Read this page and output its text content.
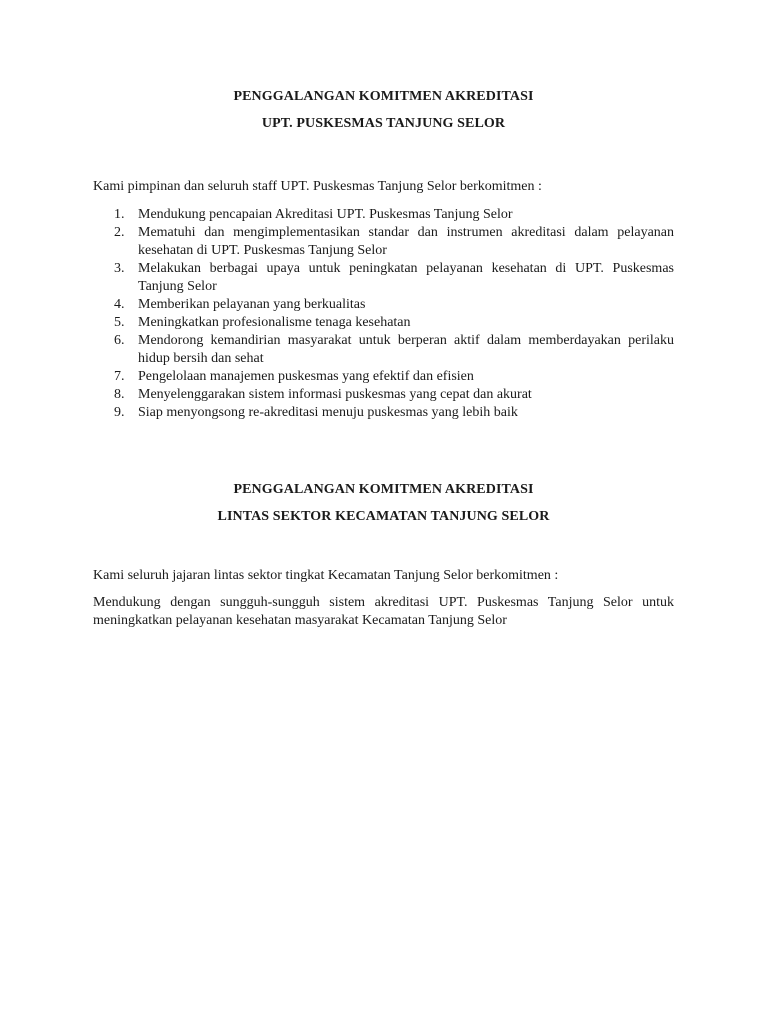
PENGGALANGAN KOMITMEN AKREDITASI

UPT. PUSKESMAS TANJUNG SELOR

Kami pimpinan dan seluruh staff UPT. Puskesmas Tanjung Selor berkomitmen :

1. Mendukung pencapaian Akreditasi UPT. Puskesmas Tanjung Selor
2. Mematuhi dan mengimplementasikan standar dan instrumen akreditasi dalam pelayanan kesehatan di UPT. Puskesmas Tanjung Selor
3. Melakukan berbagai upaya untuk peningkatan pelayanan kesehatan di UPT. Puskesmas Tanjung Selor
4. Memberikan pelayanan yang berkualitas
5. Meningkatkan profesionalisme tenaga kesehatan
6. Mendorong kemandirian masyarakat untuk berperan aktif dalam memberdayakan perilaku hidup bersih dan sehat
7. Pengelolaan manajemen puskesmas yang efektif dan efisien
8. Menyelenggarakan sistem informasi puskesmas yang cepat dan akurat
9. Siap menyongsong re-akreditasi menuju puskesmas yang lebih baik

PENGGALANGAN KOMITMEN AKREDITASI

LINTAS SEKTOR KECAMATAN TANJUNG SELOR

Kami seluruh jajaran lintas sektor tingkat Kecamatan Tanjung Selor berkomitmen :

Mendukung dengan sungguh-sungguh sistem akreditasi UPT. Puskesmas Tanjung Selor untuk meningkatkan pelayanan kesehatan masyarakat Kecamatan Tanjung Selor
